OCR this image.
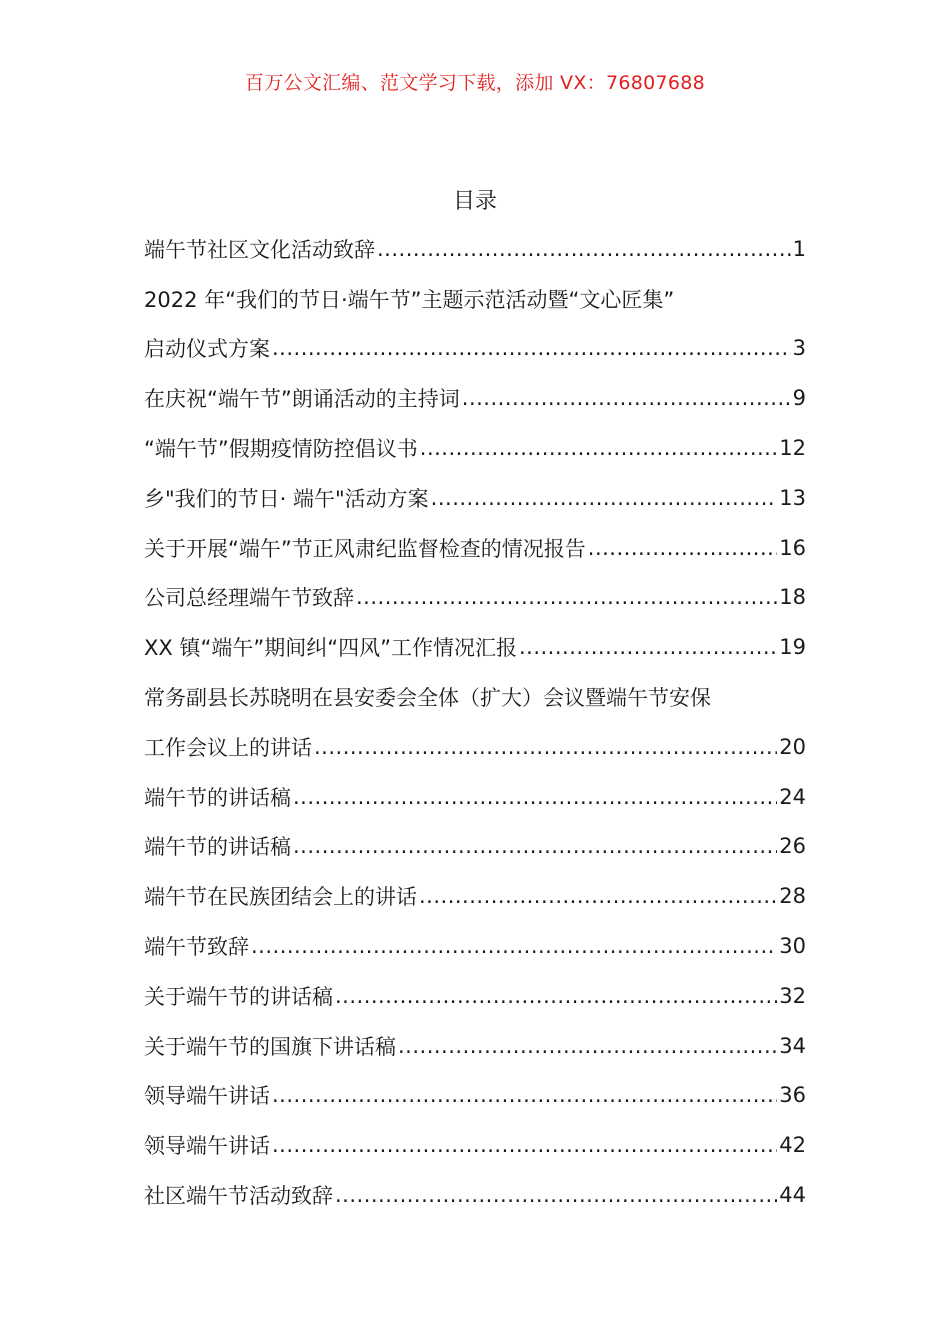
百万公文汇编、范文学习下载，添加 VX：76807688
目录
端午节社区文化活动致辞 .....	1
2022 年“我们的节日·端午节”主题示范活动暨“文心匠集”
启动仪式方案 .....	3
在庆祝“端午节”朗诵活动的主持词 .....	9
“端午节”假期疫情防控倡议书 .....	12
乡"我们的节日· 端午"活动方案 .....	13
关于开展“端午”节正风肃纪监督检查的情况报告 .....	16
公司总经理端午节致辞 .....	18
XX 镇“端午”期间纠“四风”工作情况汇报 .....	19
常务副县长苏晓明在县安委会全体（扩大）会议暨端午节安保
工作会议上的讲话 .....	20
端午节的讲话稿 .....	24
端午节的讲话稿 .....	26
端午节在民族团结会上的讲话 .....	28
端午节致辞 .....	30
关于端午节的讲话稿 .....	32
关于端午节的国旗下讲话稿 .....	34
领导端午讲话 .....	36
领导端午讲话 .....	42
社区端午节活动致辞 .....	44
